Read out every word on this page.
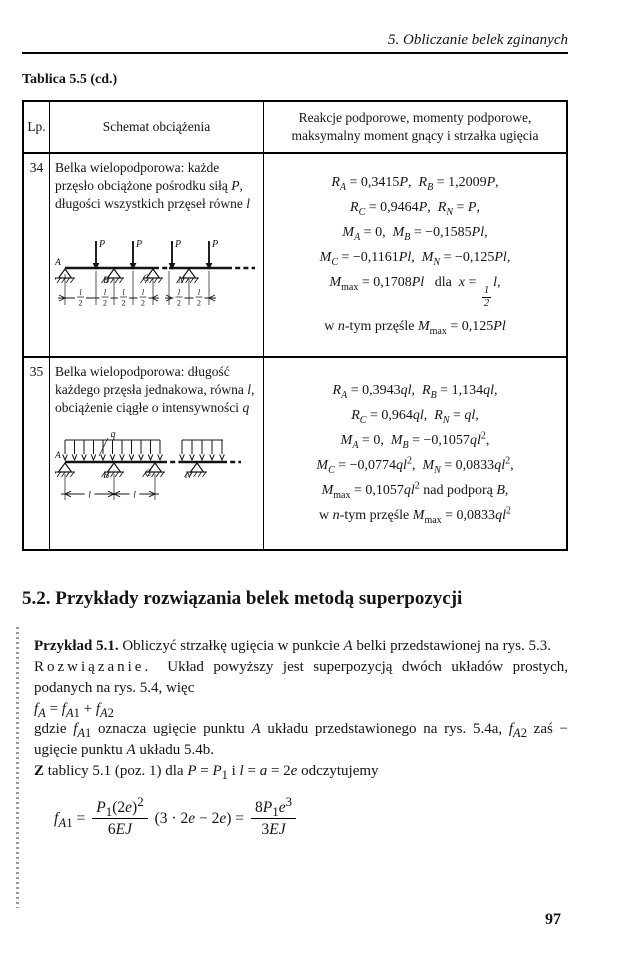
5. Obliczanie belek zginanych
Tablica 5.5 (cd.)
Lp.	Schemat obciążenia
Reakcje podporowe, momenty podporowe,
maksymalny moment gnący i strzałka ugięcia
34 Belka wielopodporowa: każde przęsło obciążone pośrodku siłą P, długości wszystkich przęseł równe l
P	P	P	P
A
B	C	N
l
2
l
2
l
2
l
2
l
2
l
2
$R_A = 0,3415P$,  $R_B = 1,2009P$,
$R_C = 0,9464P$,  $R_N = P$,
$M_A = 0$,  $M_B = -0,1585Pl$,
$M_C = -0,1161Pl$,  $M_N = -0,125Pl$,
$M_{max} = 0,1708Pl$   dla  x =
$\frac{1}{2}$
l,
w n-tym przęśle $M_{max} = 0,125Pl$
35 Belka wielopodporowa: długość każdego przęsła jednakowa, równa l, obciążenie ciągłe o intensywności q
q
A
B	C	N
l	l
$R_A = 0,3943ql$,  $R_B = 1,134ql$,
$R_C = 0,964ql$,  $R_N$ = ql,
$M_A = 0$,  $M_B = -0,1057ql^2$,
$M_C = -0,0774ql^2$,  $M_N = 0,0833ql^2$,
$M_{max} = 0,1057ql^2$ nad podporą B,
w n-tym przęśle $M_{max} = 0,0833ql^2$
5.2. Przykłady rozwiązania belek metodą superpozycji

Przykład 5.1. Obliczyć strzałkę ugięcia w punkcie A belki przedstawionej na rys. 5.3.

Rozwiązanie.  Układ powyższy jest superpozycją dwóch układów prostych, podanych na rys. 5.4, więc

$f_A = f_{A1} + f_{A2}$

gdzie $f_{A1}$ oznacza ugięcie punktu A układu przedstawionego na rys. 5.4a, $f_{A2}$ zaś − ugięcie punktu A układu 5.4b.

Z tablicy 5.1 (poz. 1) dla $P = P_1$ i l = a = 2e odczytujemy

$f_{A1} = \frac{P_1(2e)^2}{6EJ} (3 \cdot 2e - 2e) = \frac{8P_1e^3}{3EJ}$
97
